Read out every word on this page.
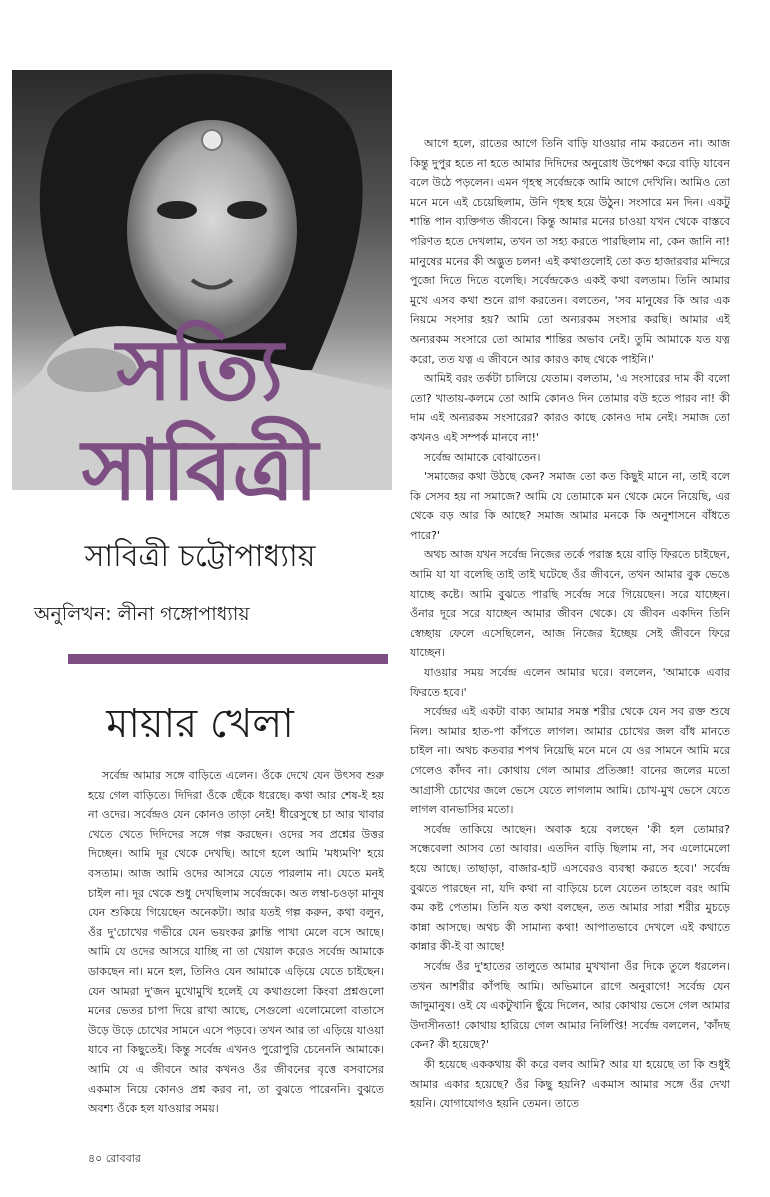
সত্যি
সাবিত্রী
সাবিত্রী চট্টোপাধ্যায়
অনুলিখন: লীনা গঙ্গোপাধ্যায়
মায়ার খেলা

সর্বেন্দ্র আমার সঙ্গে বাড়িতে এলেন। ওঁকে দেখে যেন উৎসব শুরু হয়ে গেল বাড়িতে। দিদিরা ওঁকে ছেঁকে ধরেছে। কথা আর শেষ-ই হয় না ওদের। সর্বেন্দ্রও যেন কোনও তাড়া নেই! ধীরেসুস্থে চা আর খাবার খেতে খেতে দিদিদের সঙ্গে গল্প করছেন। ওদের সব প্রশ্নের উত্তর দিচ্ছেন। আমি দূর থেকে দেখছি। আগে হলে আমি 'মধ্যমণি' হয়ে বসতাম। আজ আমি ওদের আসরে যেতে পারলাম না। যেতে মনই চাইল না। দূর থেকে শুধু দেখছিলাম সর্বেন্দ্রকে। অত লম্বা-চওড়া মানুষ যেন শুকিয়ে গিয়েছেন অনেকটা। আর যতই গল্প করুন, কথা বলুন, ওঁর দু'চোখের গভীরে যেন ভয়ংকর ক্লান্তি পাখা মেলে বসে আছে। আমি যে ওদের আসরে যাচ্ছি না তা খেয়াল করেও সর্বেন্দ্র আমাকে ডাকছেন না। মনে হল, তিনিও যেন আমাকে এড়িয়ে যেতে চাইছেন। যেন আমরা দু'জন মুখোমুখি হলেই যে কথাগুলো কিংবা প্রশ্নগুলো মনের ভেতর চাপা দিয়ে রাখা আছে, সেগুলো এলোমেলো বাতাসে উড়ে উড়ে চোখের সামনে এসে পড়বে। তখন আর তা এড়িয়ে যাওয়া যাবে না কিছুতেই। কিন্তু সর্বেন্দ্র এখনও পুরোপুরি চেনেননি আমাকে। আমি যে এ জীবনে আর কখনও ওঁর জীবনের বৃত্তে বসবাসের একমাস নিয়ে কোনও প্রশ্ন করব না, তা বুঝতে পারেননি। বুঝতে অবশ্য ওঁকে হল যাওয়ার সময়।

আগে হলে, রাতের আগে তিনি বাড়ি যাওয়ার নাম করতেন না। আজ কিন্তু দুপুর হতে না হতে আমার দিদিদের অনুরোধ উপেক্ষা করে বাড়ি যাবেন বলে উঠে পড়লেন। এমন গৃহস্থ সর্বেন্দ্রকে আমি আগে দেখিনি। আমিও তো মনে মনে এই চেয়েছিলাম, উনি গৃহস্থ হয়ে উঠুন। সংসারে মন দিন। একটু শান্তি পান ব্যক্তিগত জীবনে। কিন্তু আমার মনের চাওয়া যখন থেকে বাস্তবে পরিণত হতে দেখলাম, তখন তা সহ্য করতে পারছিলাম না, কেন জানি না! মানুষের মনের কী অদ্ভুত চলন! এই কথাগুলোই তো কত হাজারবার মন্দিরে পুজো দিতে দিতে বলেছি। সর্বেন্দ্রকেও একই কথা বলতাম। তিনি আমার মুখে এসব কথা শুনে রাগ করতেন। বলতেন, 'সব মানুষের কি আর এক নিয়মে সংসার হয়? আমি তো অন্যরকম সংসার করছি। আমার এই অন্যরকম সংসারে তো আমার শান্তির অভাব নেই। তুমি আমাকে যত যত্ন করো, তত যত্ন এ জীবনে আর কারও কাছ থেকে পাইনি।'

আমিই বরং তর্কটা চালিয়ে যেতাম। বলতাম, 'এ সংসারের দাম কী বলো তো? খাতায়-কলমে তো আমি কোনও দিন তোমার বউ হতে পারব না! কী দাম এই অন্যরকম সংসারের? কারও কাছে কোনও দাম নেই। সমাজ তো কখনও এই সম্পর্ক মানবে না!'

সর্বেন্দ্র আমাকে বোঝাতেন।

'সমাজের কথা উঠছে কেন? সমাজ তো কত কিছুই মানে না, তাই বলে কি সেসব হয় না সমাজে? আমি যে তোমাকে মন থেকে মেনে নিয়েছি, এর থেকে বড় আর কি আছে? সমাজ আমার মনকে কি অনুশাসনে বাঁধতে পারে?'

অথচ আজ যখন সর্বেন্দ্র নিজের তর্কে পরাস্ত হয়ে বাড়ি ফিরতে চাইছেন, আমি যা যা বলেছি তাই তাই ঘটেছে ওঁর জীবনে, তখন আমার বুক ভেঙে যাচ্ছে কষ্টে। আমি বুঝতে পারছি সর্বেন্দ্র সরে গিয়েছেন। সরে যাচ্ছেন। ওঁনার দূরে সরে যাচ্ছেন আমার জীবন থেকে। যে জীবন একদিন তিনি স্বেচ্ছায় ফেলে এসেছিলেন, আজ নিজের ইচ্ছেয় সেই জীবনে ফিরে যাচ্ছেন।

যাওয়ার সময় সর্বেন্দ্র এলেন আমার ঘরে। বললেন, 'আমাকে এবার ফিরতে হবে।'

সর্বেন্দ্রর এই একটা বাক্য আমার সমস্ত শরীর থেকে যেন সব রক্ত শুষে নিল। আমার হাত-পা কাঁপতে লাগল। আমার চোখের জল বাঁধ মানতে চাইল না। অথচ কতবার শপথ নিয়েছি মনে মনে যে ওর সামনে আমি মরে গেলেও কাঁদব না। কোথায় গেল আমার প্রতিজ্ঞা! বানের জলের মতো আগ্রাসী চোখের জলে ভেসে যেতে লাগলাম আমি। চোখ-মুখ ভেসে যেতে লাগল বানভাসির মতো।

সর্বেন্দ্র তাকিয়ে আছেন। অবাক হয়ে বলছেন 'কী হল তোমার? সন্ধেবেলা আসব তো আবার। এতদিন বাড়ি ছিলাম না, সব এলোমেলো হয়ে আছে। তাছাড়া, বাজার-হাট এসবেরও ব্যবস্থা করতে হবে।' সর্বেন্দ্র বুঝতে পারছেন না, যদি কথা না বাড়িয়ে চলে যেতেন তাহলে বরং আমি কম কষ্ট পেতাম। তিনি যত কথা বলছেন, তত আমার সারা শরীর মুচড়ে কান্না আসছে। অথচ কী সামান্য কথা! আপাতভাবে দেখলে এই কথাতে কান্নার কী-ই বা আছে!

সর্বেন্দ্র ওঁর দু'হাতের তালুতে আমার মুখখানা ওঁর দিকে তুলে ধরলেন। তখন আশরীর কাঁপছি আমি। অভিমানে রাগে অনুরাগে! সর্বেন্দ্র যেন জাদুমানুষ। ওই যে একটুখানি ছুঁয়ে দিলেন, আর কোথায় ভেসে গেল আমার উদাসীনতা! কোথায় হারিয়ে গেল আমার নির্লিপ্তি! সর্বেন্দ্র বললেন, 'কাঁদছ কেন? কী হয়েছে?'

কী হয়েছে এককথায় কী করে বলব আমি? আর যা হয়েছে তা কি শুধুই আমার একার হয়েছে? ওঁর কিছু হয়নি? একমাস আমার সঙ্গে ওঁর দেখা হয়নি। যোগাযোগও হয়নি তেমন। তাতে

৪০ রোববার
